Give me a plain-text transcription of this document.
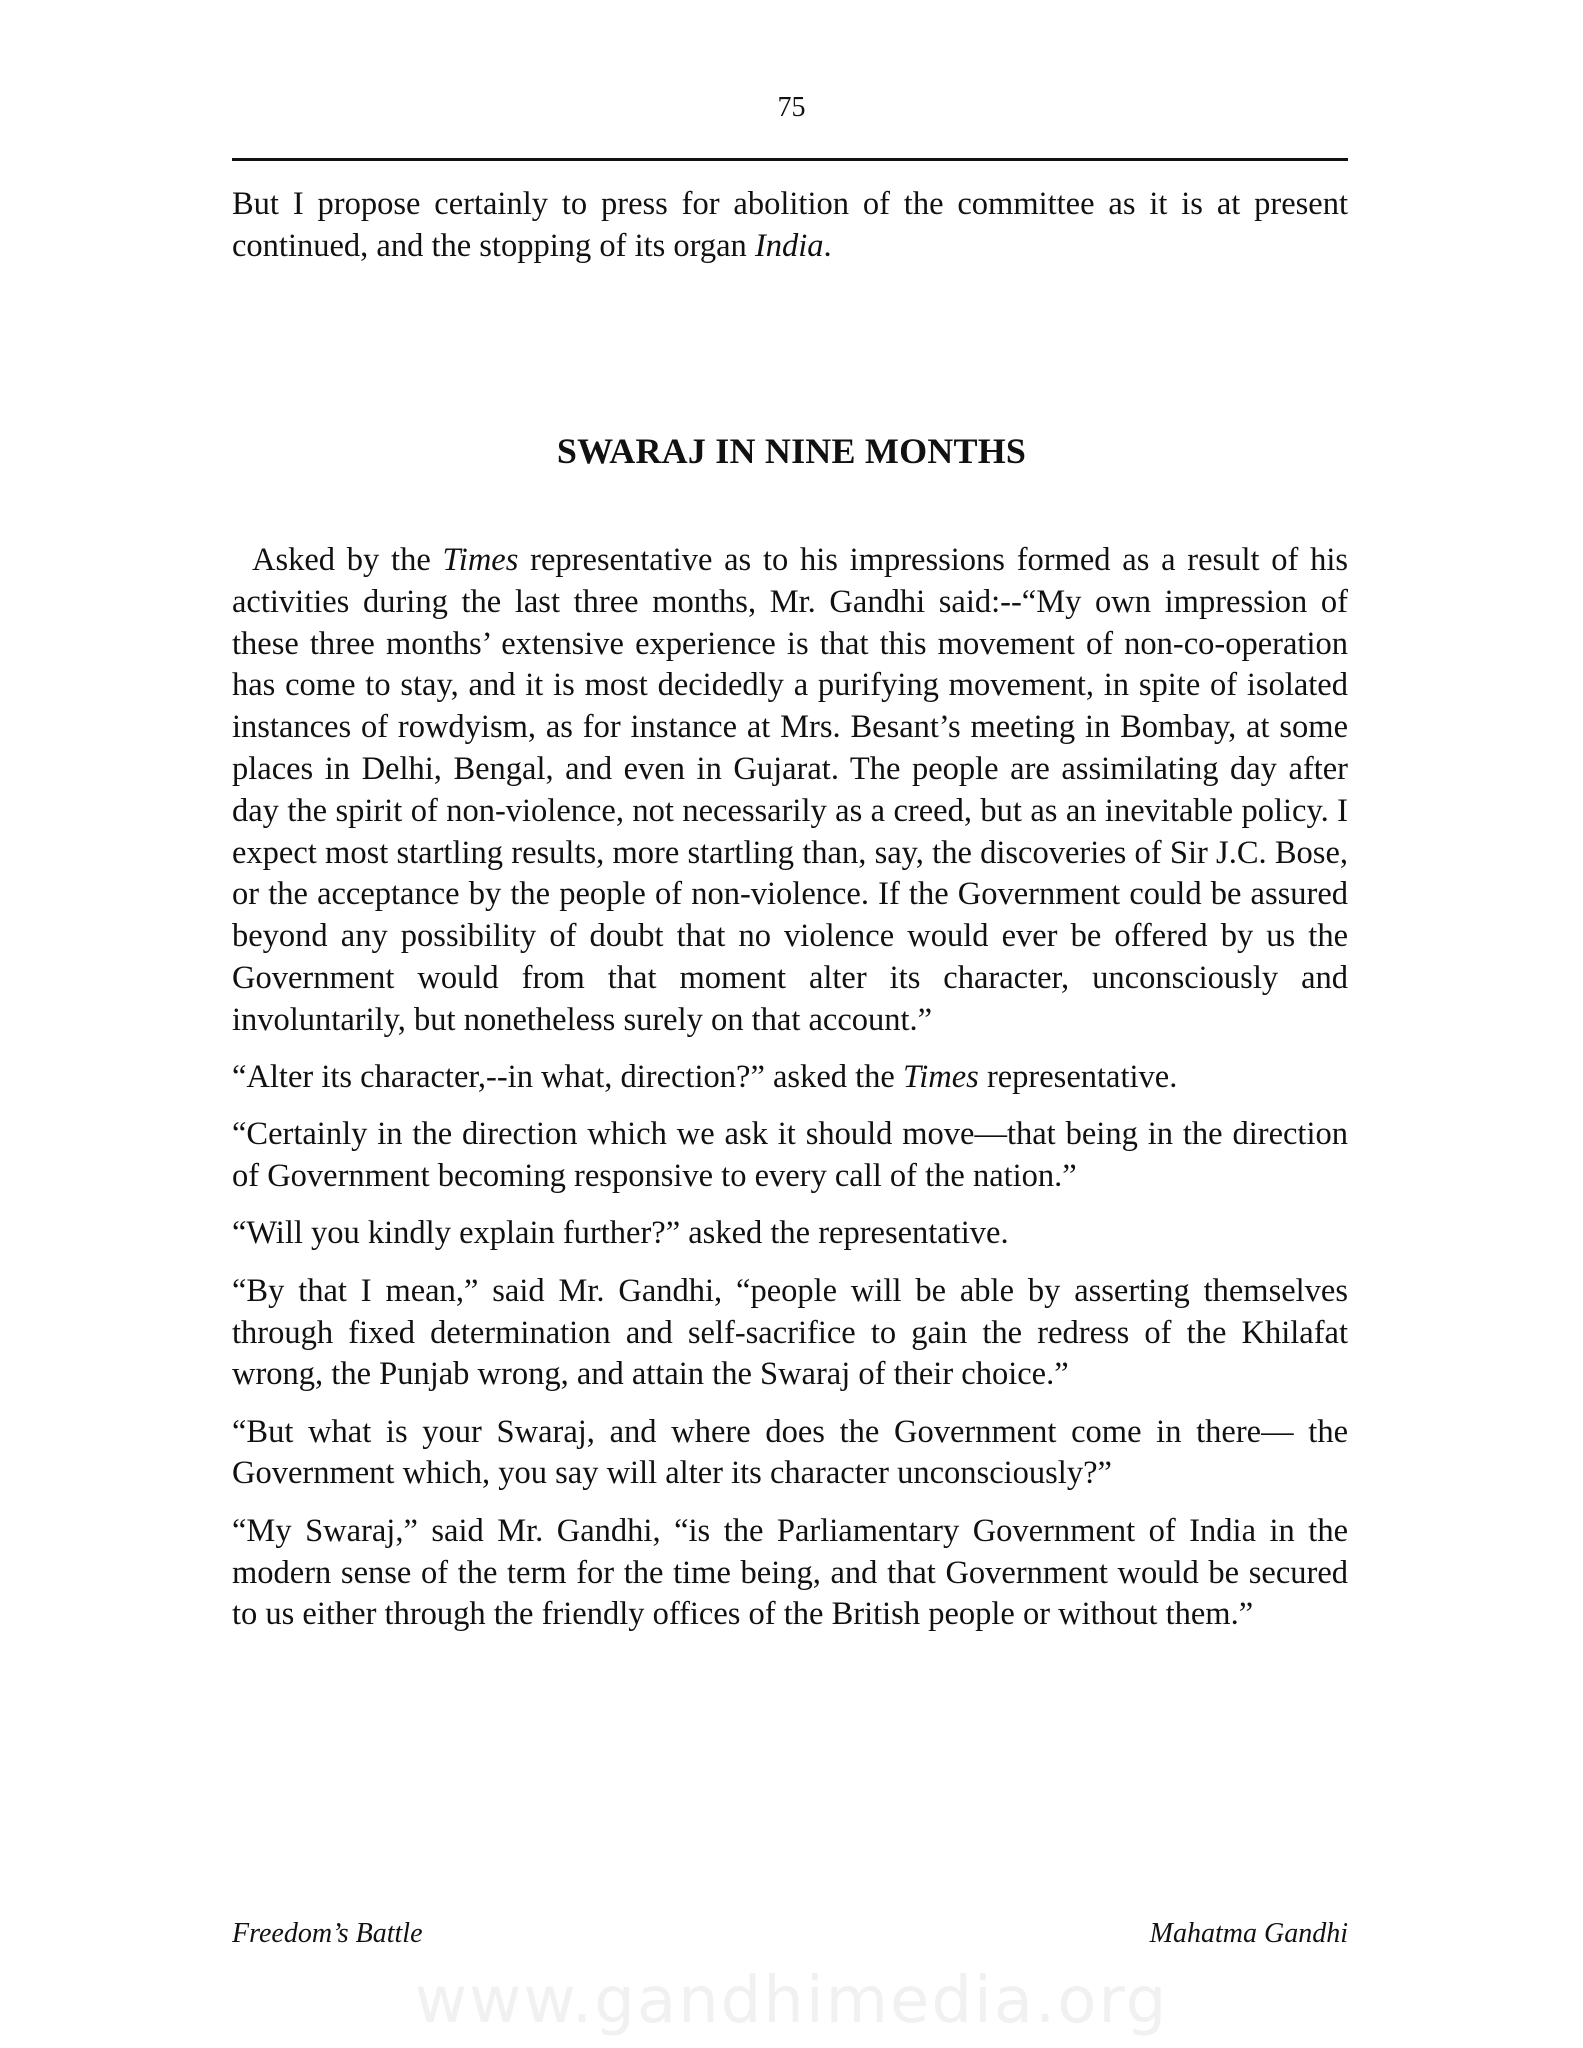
75

But I propose certainly to press for abolition of the committee as it is at present continued, and the stopping of its organ India.

SWARAJ IN NINE MONTHS

Asked by the Times representative as to his impressions formed as a result of his activities during the last three months, Mr. Gandhi said:--“My own impression of these three months’ extensive experience is that this movement of non-co-operation has come to stay, and it is most decidedly a purifying movement, in spite of isolated instances of rowdyism, as for instance at Mrs. Besant’s meeting in Bombay, at some places in Delhi, Bengal, and even in Gujarat. The people are assimilating day after day the spirit of non-violence, not necessarily as a creed, but as an inevitable policy. I expect most startling results, more startling than, say, the discoveries of Sir J.C. Bose, or the acceptance by the people of non-violence. If the Government could be assured beyond any possibility of doubt that no violence would ever be offered by us the Government would from that moment alter its character, unconsciously and involuntarily, but nonetheless surely on that account.”

“Alter its character,--in what, direction?” asked the Times representative.

“Certainly in the direction which we ask it should move—that being in the direction of Government becoming responsive to every call of the nation.”

“Will you kindly explain further?” asked the representative.

“By that I mean,” said Mr. Gandhi, “people will be able by asserting themselves through fixed determination and self-sacrifice to gain the redress of the Khilafat wrong, the Punjab wrong, and attain the Swaraj of their choice.”

“But what is your Swaraj, and where does the Government come in there— the Government which, you say will alter its character unconsciously?”

“My Swaraj,” said Mr. Gandhi, “is the Parliamentary Government of India in the modern sense of the term for the time being, and that Government would be secured to us either through the friendly offices of the British people or without them.”

Freedom’s Battle	Mahatma Gandhi
www.gandhimedia.org
